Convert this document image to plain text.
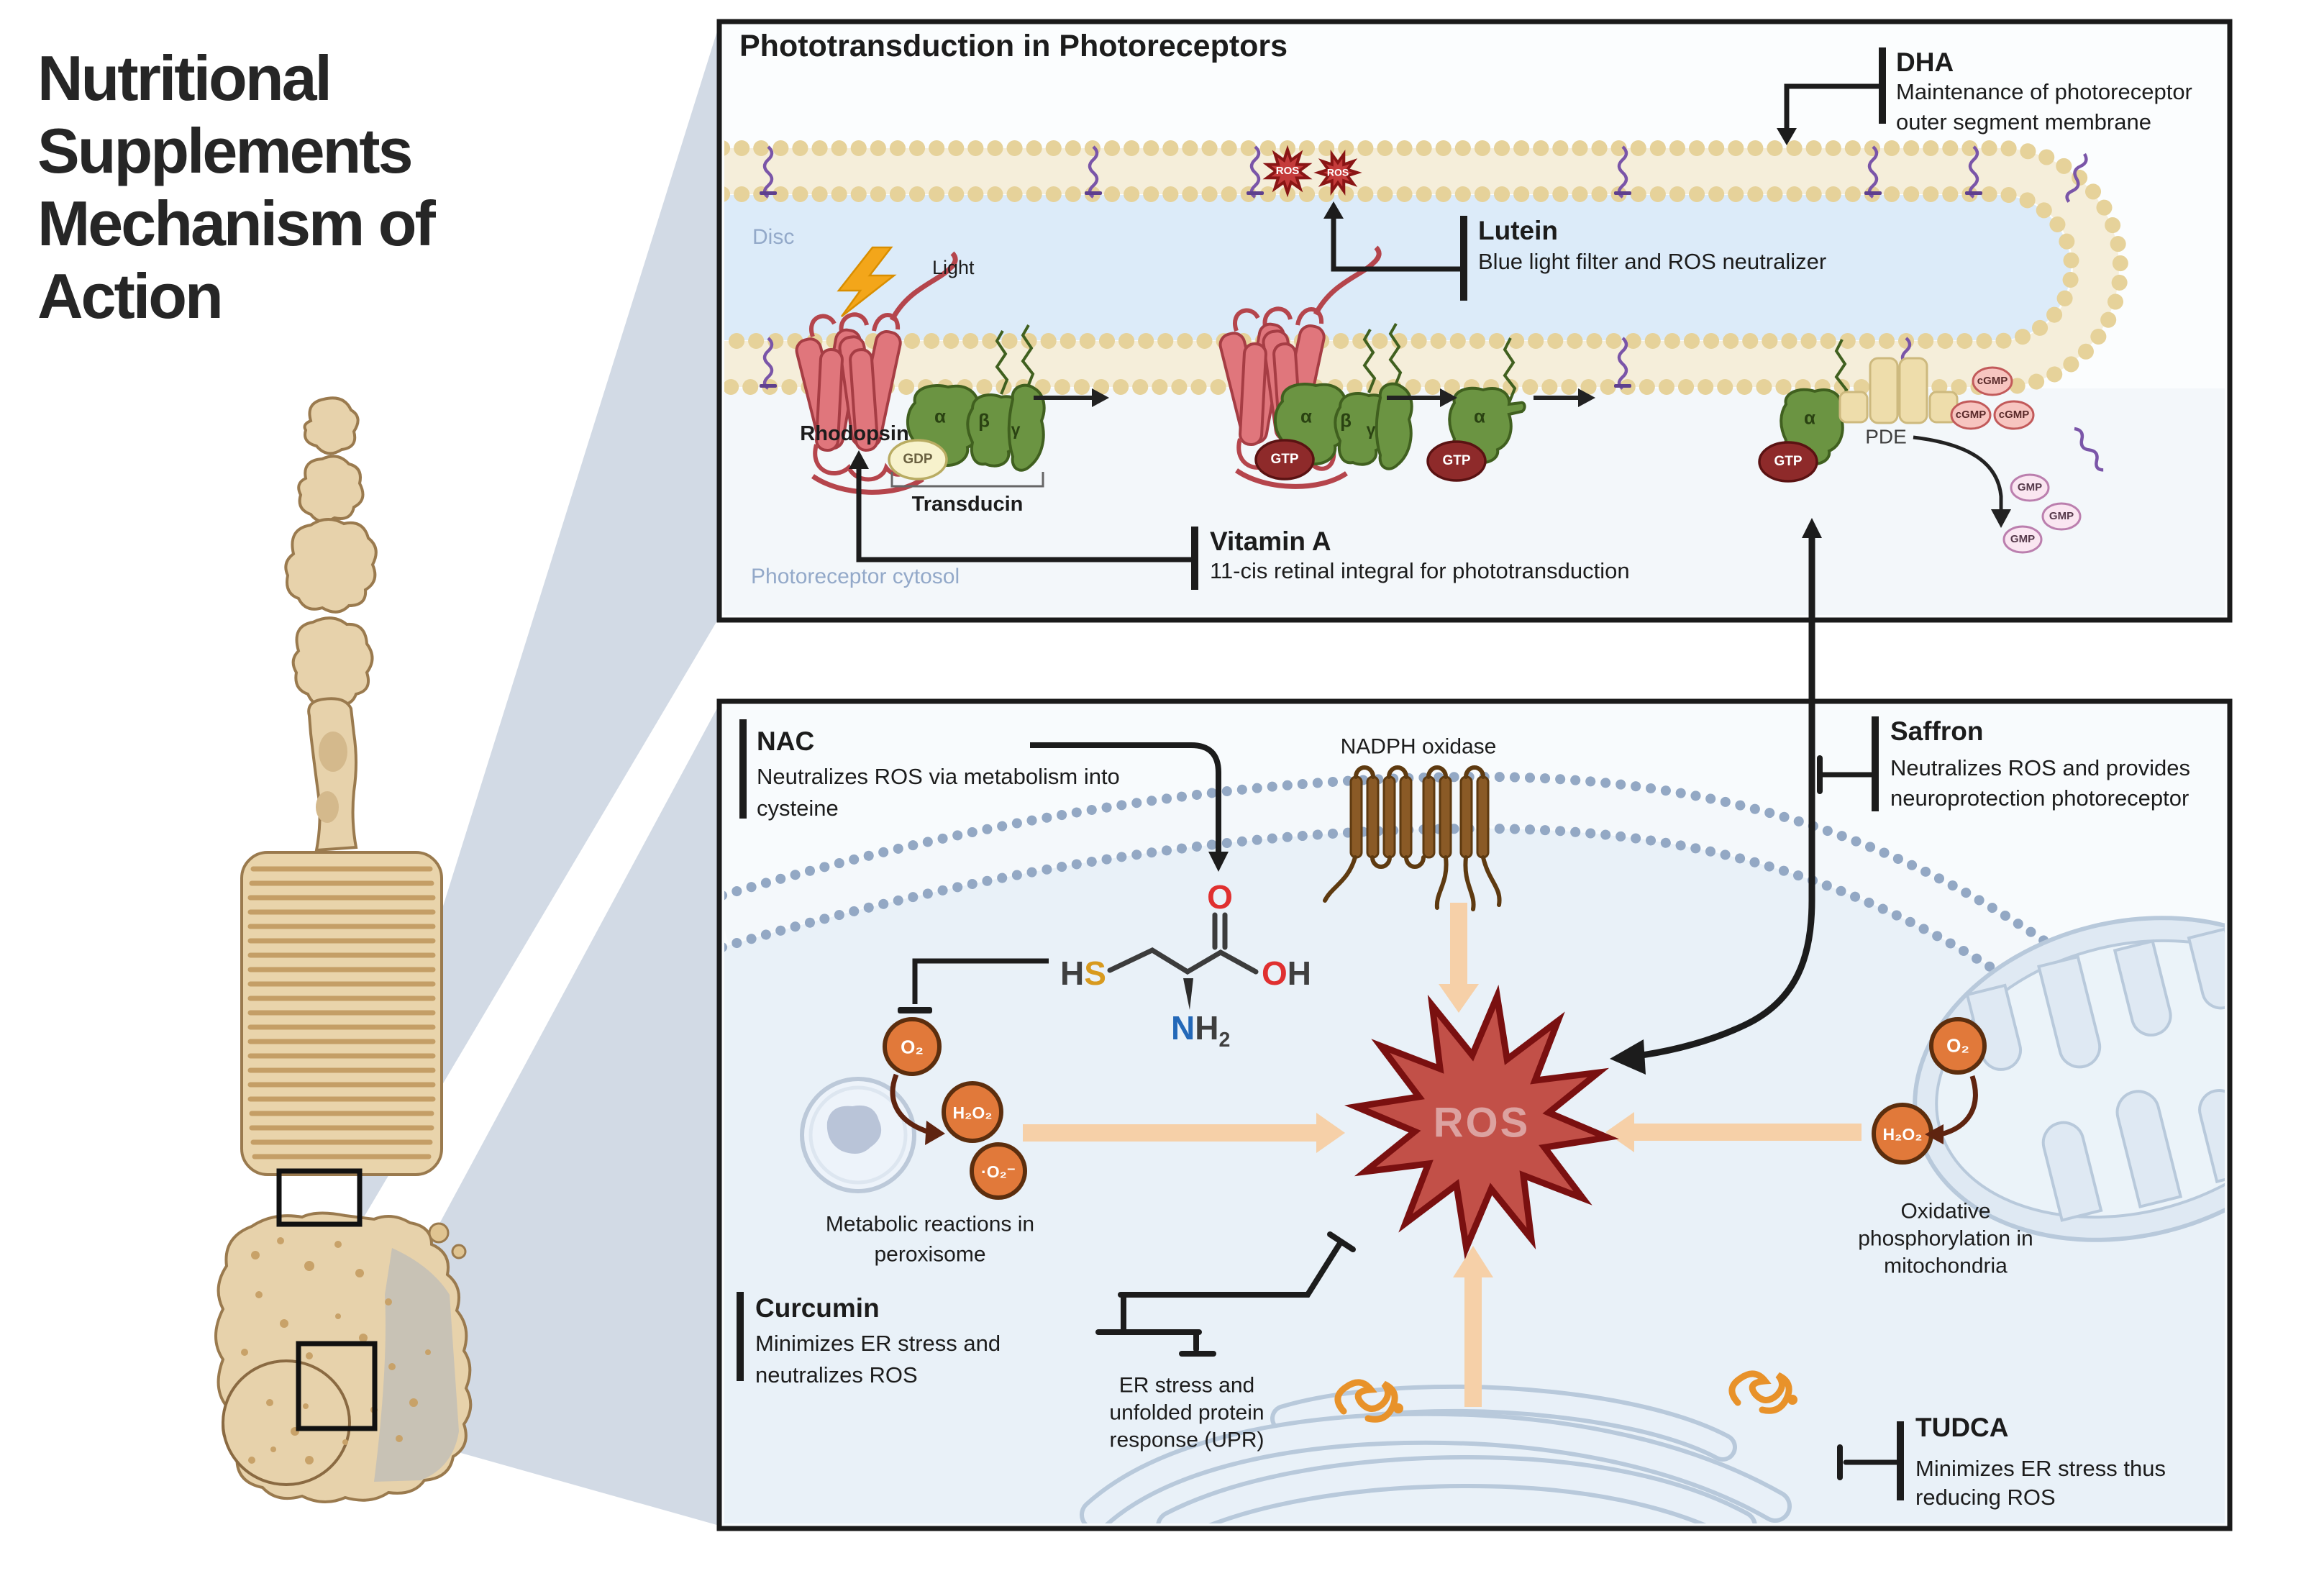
Nutritional
Supplements
Mechanism of
Action
Phototransduction in Photoreceptors
Disc
Photoreceptor cytosol
Light
Rhodopsin
Transducin
GDP	GTP	GTP	GTP
α	α	α	α
β	β
γ	γ
ROS	ROS
PDE
cGMP
cGMP cGMP
GMP
GMP
GMP
DHA
Maintenance of photoreceptor
outer segment membrane
Lutein
Blue light filter and ROS neutralizer
Vitamin A
11-cis retinal integral for phototransduction
NAC
Neutralizes ROS via metabolism into
cysteine
NADPH oxidase
Saffron
Neutralizes ROS and provides
neuroprotection photoreceptor
HS
O
OH
$NH_2$
O₂
H₂O₂
·O₂⁻
Metabolic reactions in
peroxisome
ROS
O₂
H₂O₂
Oxidative
phosphorylation in
mitochondria
ER stress and
unfolded protein
response (UPR)
Curcumin
Minimizes ER stress and
neutralizes ROS
TUDCA
Minimizes ER stress thus
reducing ROS
